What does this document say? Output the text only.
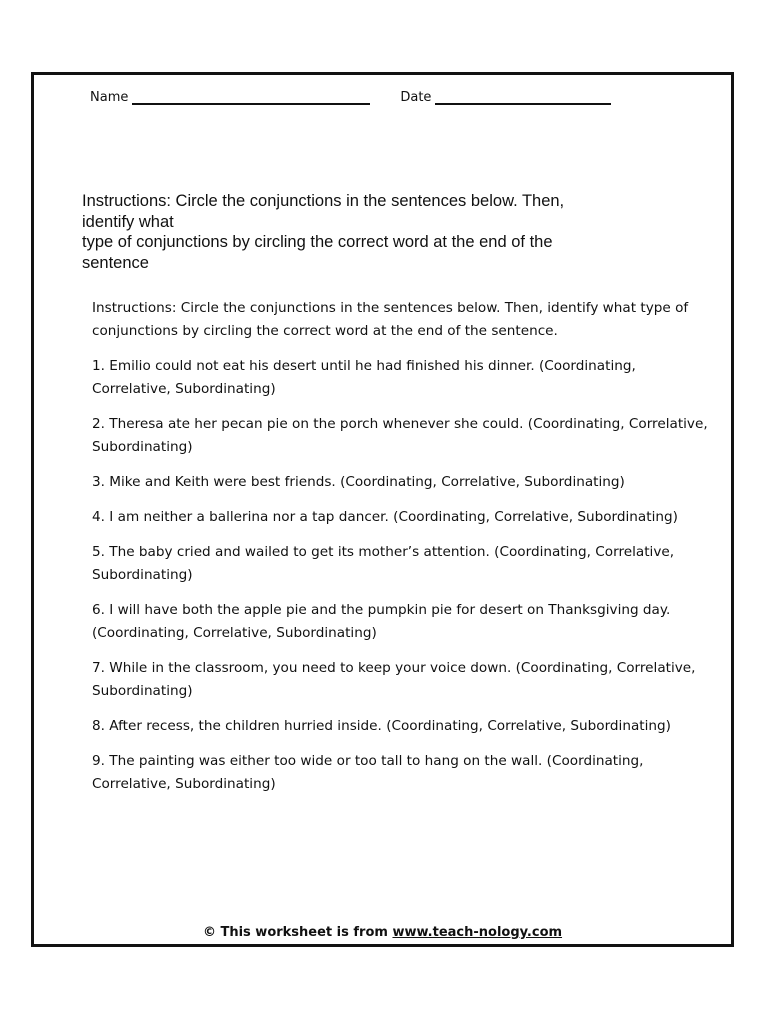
Name	Date
Instructions: Circle the conjunctions in the sentences below. Then,
identify what
type of conjunctions by circling the correct word at the end of the
sentence

Instructions: Circle the conjunctions in the sentences below. Then, identify what type of conjunctions by circling the correct word at the end of the sentence.

1. Emilio could not eat his desert until he had finished his dinner. (Coordinating, Correlative, Subordinating)

2. Theresa ate her pecan pie on the porch whenever she could. (Coordinating, Correlative, Subordinating)

3. Mike and Keith were best friends. (Coordinating, Correlative, Subordinating)

4. I am neither a ballerina nor a tap dancer. (Coordinating, Correlative, Subordinating)

5. The baby cried and wailed to get its mother’s attention. (Coordinating, Correlative, Subordinating)

6. I will have both the apple pie and the pumpkin pie for desert on Thanksgiving day. (Coordinating, Correlative, Subordinating)

7. While in the classroom, you need to keep your voice down. (Coordinating, Correlative, Subordinating)

8. After recess, the children hurried inside. (Coordinating, Correlative, Subordinating)

9. The painting was either too wide or too tall to hang on the wall. (Coordinating, Correlative, Subordinating)

© This worksheet is from www.teach-nology.com
